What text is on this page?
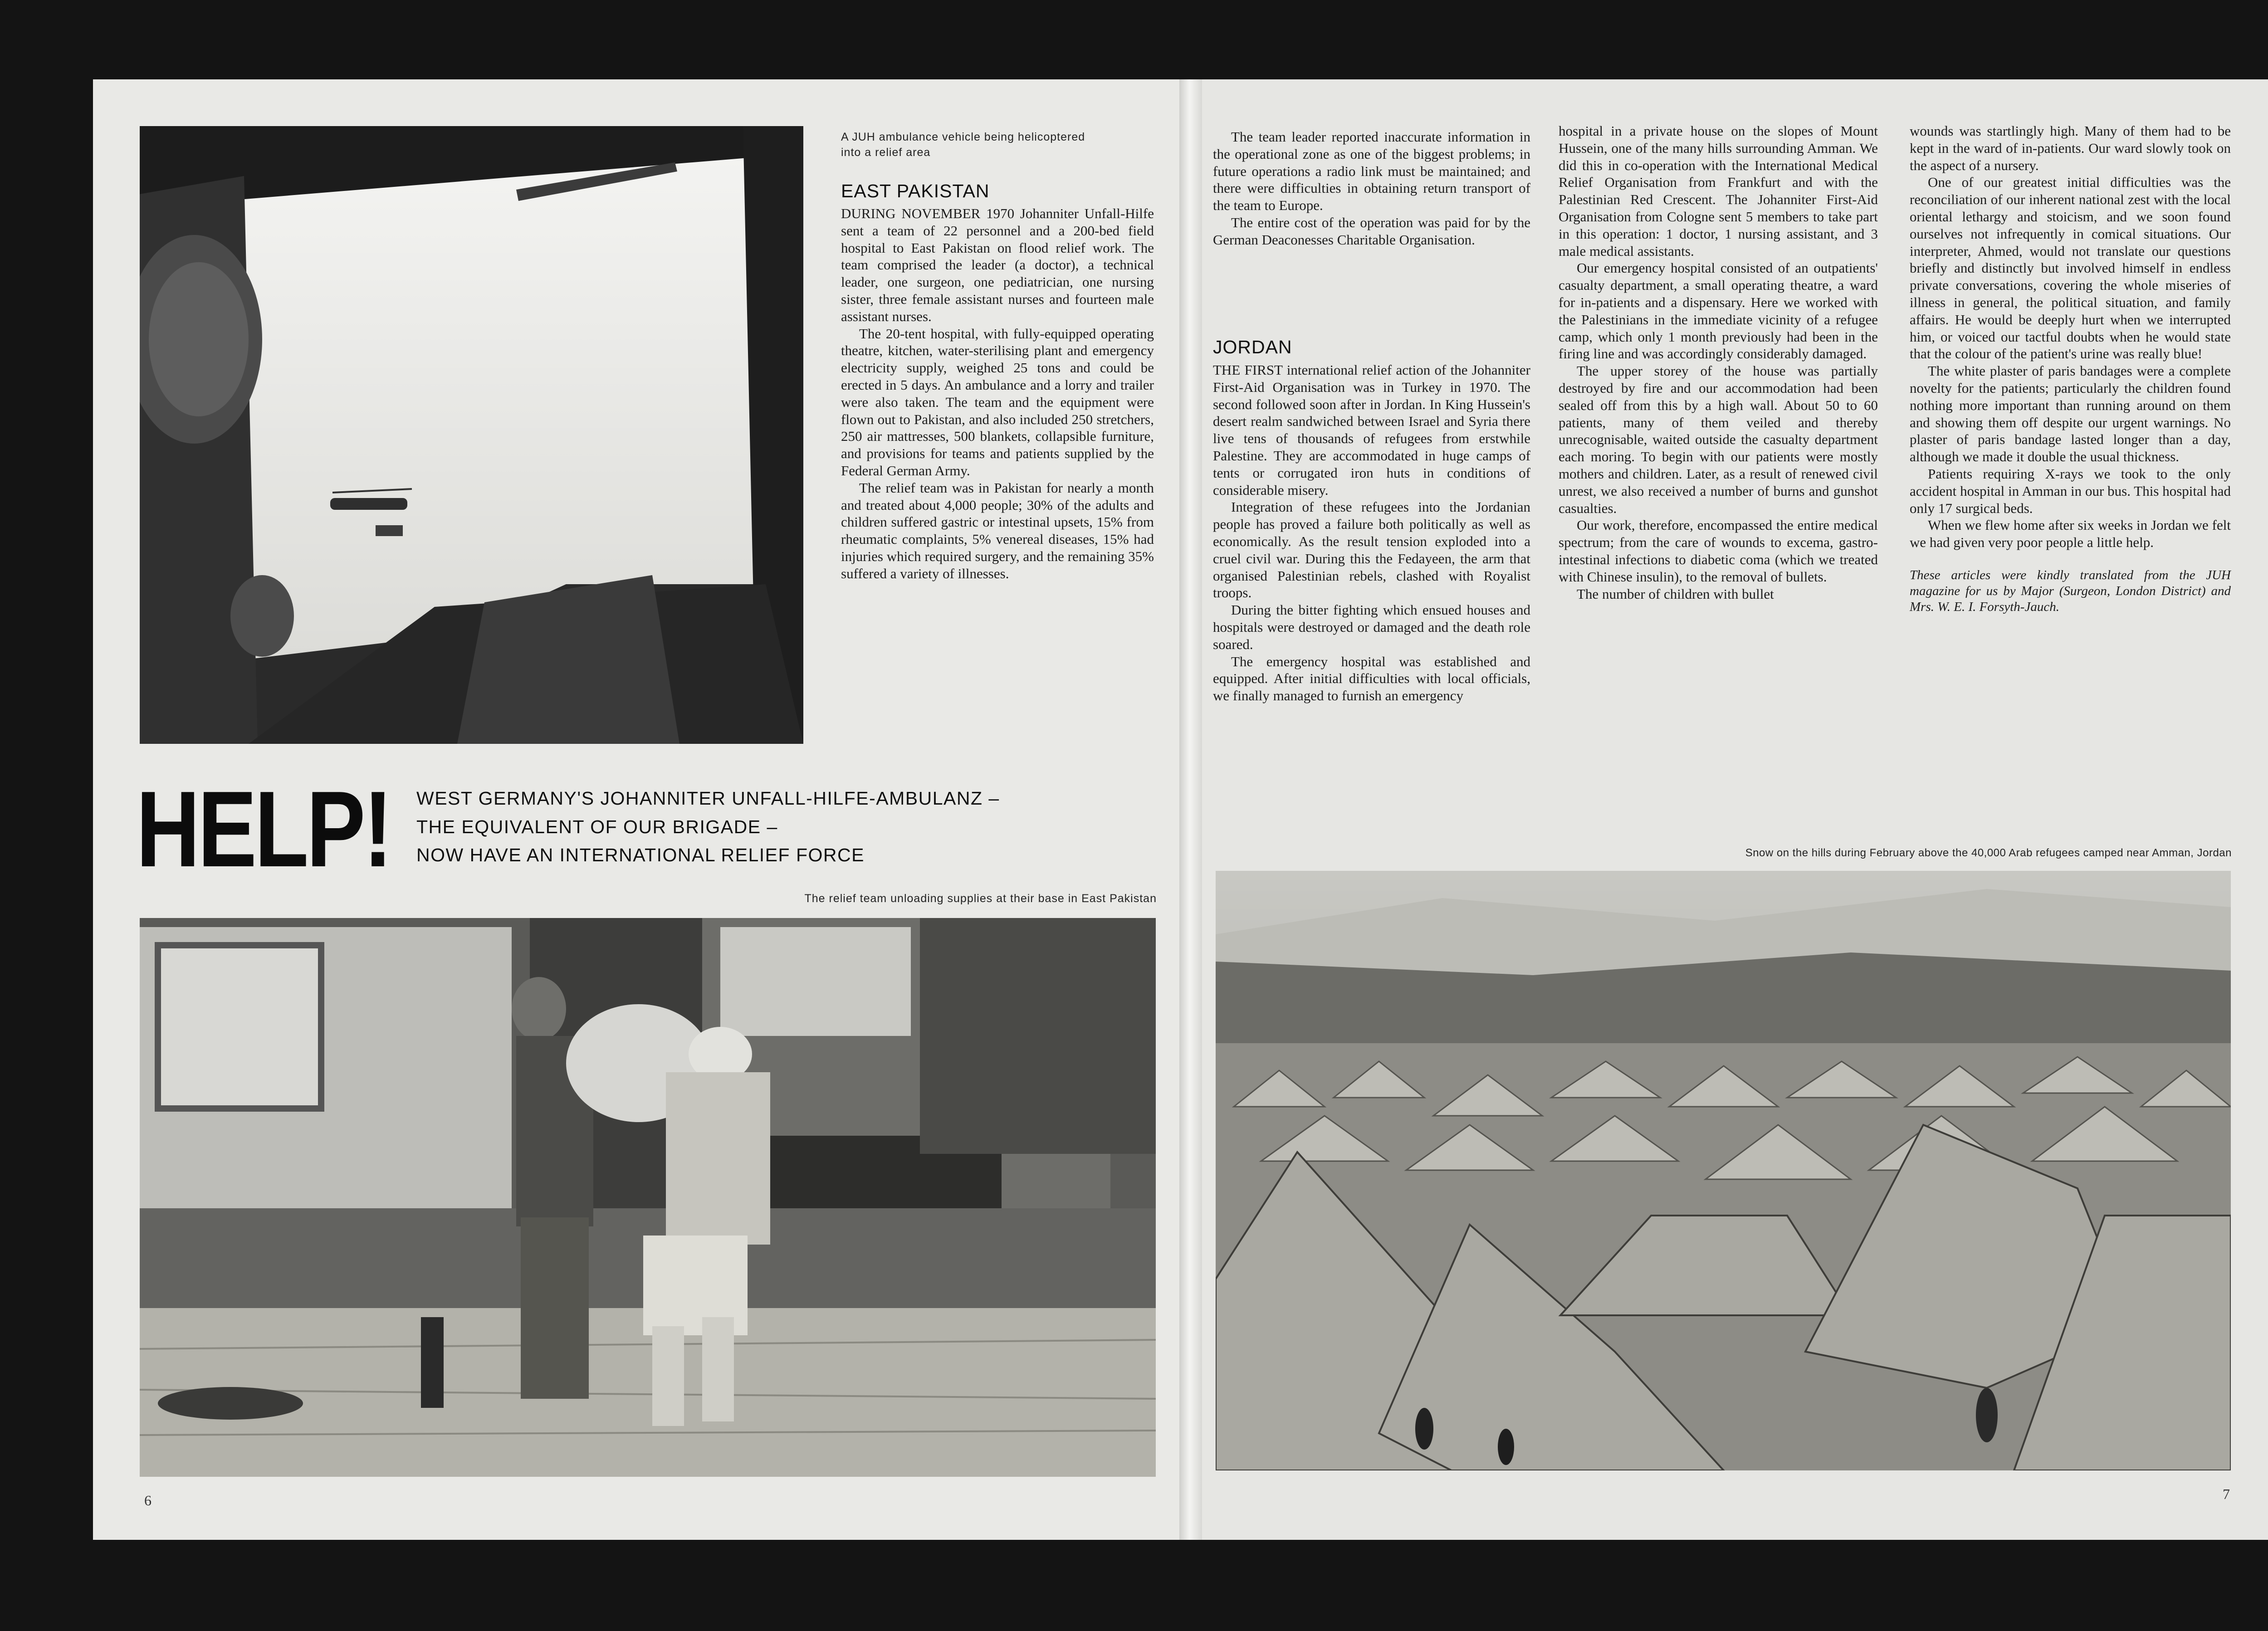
A JUH ambulance vehicle being helicoptered into a relief area
EAST PAKISTAN

DURING NOVEMBER 1970 Johanniter Unfall-Hilfe sent a team of 22 personnel and a 200-bed field hospital to East Pakistan on flood relief work. The team comprised the leader (a doctor), a technical leader, one surgeon, one pediatrician, one nursing sister, three female assistant nurses and fourteen male assistant nurses.

The 20-tent hospital, with fully-equipped operating theatre, kitchen, water-sterilising plant and emergency electricity supply, weighed 25 tons and could be erected in 5 days. An ambulance and a lorry and trailer were also taken. The team and the equipment were flown out to Pakistan, and also included 250 stretchers, 250 air mattresses, 500 blankets, collapsible furniture, and provisions for teams and patients supplied by the Federal German Army.

The relief team was in Pakistan for nearly a month and treated about 4,000 people; 30% of the adults and children suffered gastric or intestinal upsets, 15% from rheumatic complaints, 5% venereal diseases, 15% had injuries which required surgery, and the remaining 35% suffered a variety of illnesses.

HELP! WEST GERMANY'S JOHANNITER UNFALL-HILFE-AMBULANZ –
THE EQUIVALENT OF OUR BRIGADE –
NOW HAVE AN INTERNATIONAL RELIEF FORCE
The relief team unloading supplies at their base in East Pakistan
6

The team leader reported inaccurate information in the operational zone as one of the biggest problems; in future operations a radio link must be maintained; and there were difficulties in obtaining return transport of the team to Europe.

The entire cost of the operation was paid for by the German Deaconesses Charitable Organisation.

JORDAN

THE FIRST international relief action of the Johanniter First-Aid Organisation was in Turkey in 1970. The second followed soon after in Jordan. In King Hussein's desert realm sandwiched between Israel and Syria there live tens of thousands of refugees from erstwhile Palestine. They are accommodated in huge camps of tents or corrugated iron huts in conditions of considerable misery.

Integration of these refugees into the Jordanian people has proved a failure both politically as well as economically. As the result tension exploded into a cruel civil war. During this the Fedayeen, the arm that organised Palestinian rebels, clashed with Royalist troops.

During the bitter fighting which ensued houses and hospitals were destroyed or damaged and the death role soared.

The emergency hospital was established and equipped. After initial difficulties with local officials, we finally managed to furnish an emergency

hospital in a private house on the slopes of Mount Hussein, one of the many hills surrounding Amman. We did this in co-operation with the International Medical Relief Organisation from Frankfurt and with the Palestinian Red Crescent. The Johanniter First-Aid Organisation from Cologne sent 5 members to take part in this operation: 1 doctor, 1 nursing assistant, and 3 male medical assistants.

Our emergency hospital consisted of an outpatients' casualty department, a small operating theatre, a ward for in-patients and a dispensary. Here we worked with the Palestinians in the immediate vicinity of a refugee camp, which only 1 month previously had been in the firing line and was accordingly considerably damaged.

The upper storey of the house was partially destroyed by fire and our accommodation had been sealed off from this by a high wall. About 50 to 60 patients, many of them veiled and thereby unrecognisable, waited outside the casualty department each moring. To begin with our patients were mostly mothers and children. Later, as a result of renewed civil unrest, we also received a number of burns and gunshot casualties.

Our work, therefore, encompassed the entire medical spectrum; from the care of wounds to excema, gastro-intestinal infections to diabetic coma (which we treated with Chinese insulin), to the removal of bullets.

The number of children with bullet

wounds was startlingly high. Many of them had to be kept in the ward of in-patients. Our ward slowly took on the aspect of a nursery.

One of our greatest initial difficulties was the reconciliation of our inherent national zest with the local oriental lethargy and stoicism, and we soon found ourselves not infrequently in comical situations. Our interpreter, Ahmed, would not translate our questions briefly and distinctly but involved himself in endless private conversations, covering the whole miseries of illness in general, the political situation, and family affairs. He would be deeply hurt when we interrupted him, or voiced our tactful doubts when he would state that the colour of the patient's urine was really blue!

The white plaster of paris bandages were a complete novelty for the patients; particularly the children found nothing more important than running around on them and showing them off despite our urgent warnings. No plaster of paris bandage lasted longer than a day, although we made it double the usual thickness.

Patients requiring X-rays we took to the only accident hospital in Amman in our bus. This hospital had only 17 surgical beds.

When we flew home after six weeks in Jordan we felt we had given very poor people a little help.

These articles were kindly translated from the JUH magazine for us by Major (Surgeon, London District) and Mrs. W. E. I. Forsyth-Jauch.

Snow on the hills during February above the 40,000 Arab refugees camped near Amman, Jordan
7
